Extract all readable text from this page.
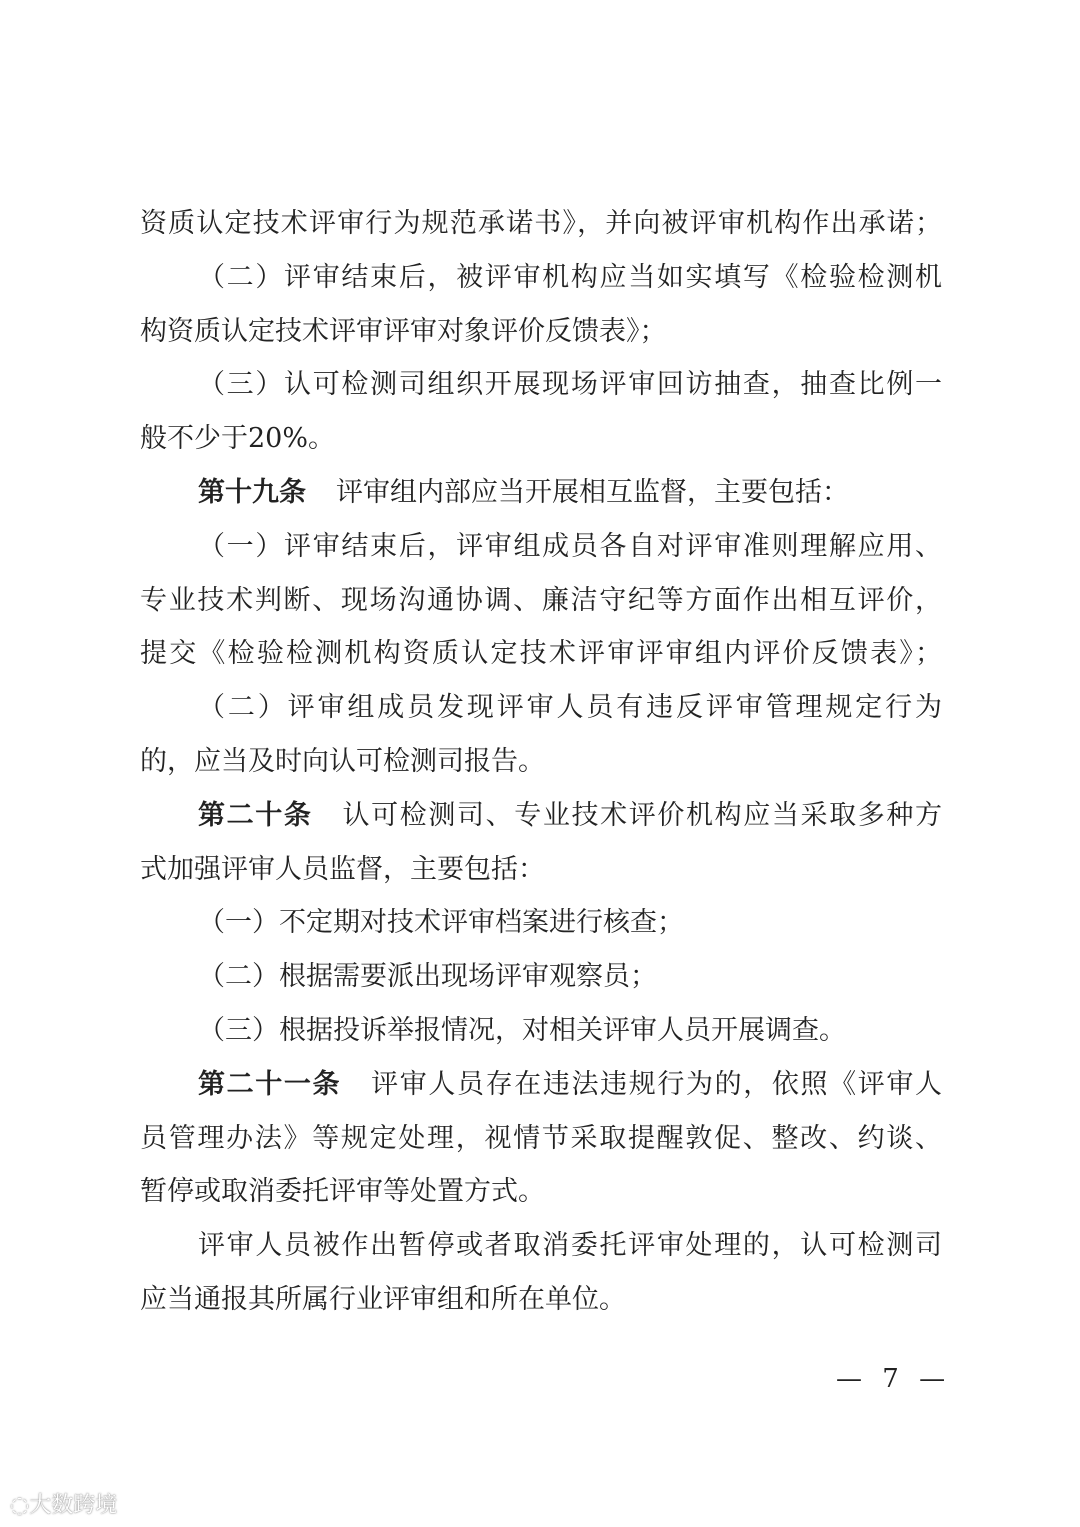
资质认定技术评审行为规范承诺书》，并向被评审机构作出承诺；
（二）评审结束后，被评审机构应当如实填写《检验检测机
构资质认定技术评审评审对象评价反馈表》；
（三）认可检测司组织开展现场评审回访抽查，抽查比例一
般不少于20%。
第十九条 评审组内部应当开展相互监督，主要包括：
（一）评审结束后，评审组成员各自对评审准则理解应用、
专业技术判断、现场沟通协调、廉洁守纪等方面作出相互评价，
提交《检验检测机构资质认定技术评审评审组内评价反馈表》；
（二）评审组成员发现评审人员有违反评审管理规定行为
的，应当及时向认可检测司报告。
第二十条 认可检测司、专业技术评价机构应当采取多种方
式加强评审人员监督，主要包括：
（一）不定期对技术评审档案进行核查；
（二）根据需要派出现场评审观察员；
（三）根据投诉举报情况，对相关评审人员开展调查。
第二十一条 评审人员存在违法违规行为的，依照《评审人
员管理办法》等规定处理，视情节采取提醒敦促、整改、约谈、
暂停或取消委托评审等处置方式。
评审人员被作出暂停或者取消委托评审处理的，认可检测司
应当通报其所属行业评审组和所在单位。
— 7 —
◌大数跨境
